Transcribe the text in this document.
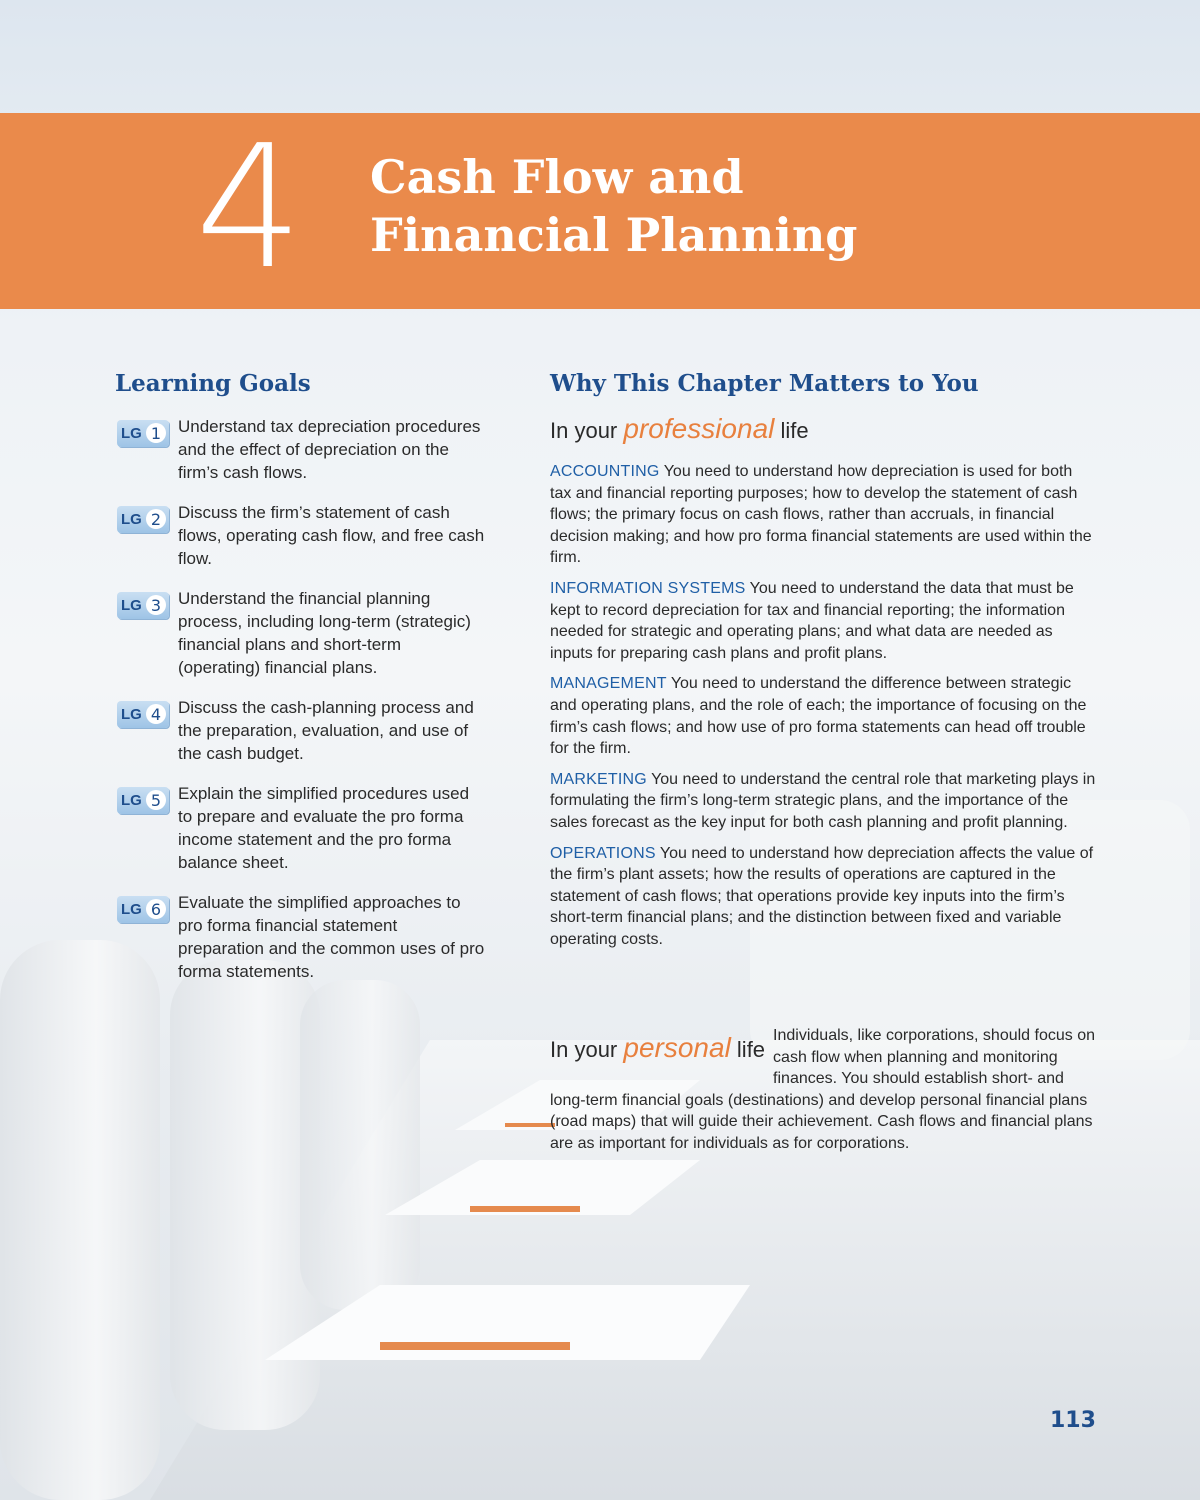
4	Cash Flow and
Financial Planning
Learning Goals
LG 1 Understand tax depreciation procedures and the effect of depreciation on the firm’s cash flows.
LG 2 Discuss the firm’s statement of cash flows, operating cash flow, and free cash flow.
LG 3 Understand the financial planning process, including long-term (strategic) financial plans and short-term (operating) financial plans.
LG 4 Discuss the cash-planning process and the preparation, evaluation, and use of the cash budget.
LG 5 Explain the simplified procedures used to prepare and evaluate the pro forma income statement and the pro forma balance sheet.
LG 6 Evaluate the simplified approaches to pro forma financial statement preparation and the common uses of pro forma statements.
Why This Chapter Matters to You
In your professional life
ACCOUNTING You need to understand how depreciation is used for both tax and financial reporting purposes; how to develop the statement of cash flows; the primary focus on cash flows, rather than accruals, in financial decision making; and how pro forma financial statements are used within the firm.
INFORMATION SYSTEMS You need to understand the data that must be kept to record depreciation for tax and financial reporting; the information needed for strategic and operating plans; and what data are needed as inputs for preparing cash plans and profit plans.
MANAGEMENT You need to understand the difference between strategic and operating plans, and the role of each; the importance of focusing on the firm’s cash flows; and how use of pro forma statements can head off trouble for the firm.
MARKETING You need to understand the central role that marketing plays in formulating the firm’s long-term strategic plans, and the importance of the sales forecast as the key input for both cash planning and profit planning.
OPERATIONS You need to understand how depreciation affects the value of the firm’s plant assets; how the results of operations are captured in the statement of cash flows; that operations provide key inputs into the firm’s short-term financial plans; and the distinction between fixed and variable operating costs.
In your personal life
Individuals, like corporations, should focus on cash flow when planning and monitoring finances. You should establish short- and long-term financial goals (destinations) and develop personal financial plans (road maps) that will guide their achievement. Cash flows and financial plans are as important for individuals as for corporations.
113
